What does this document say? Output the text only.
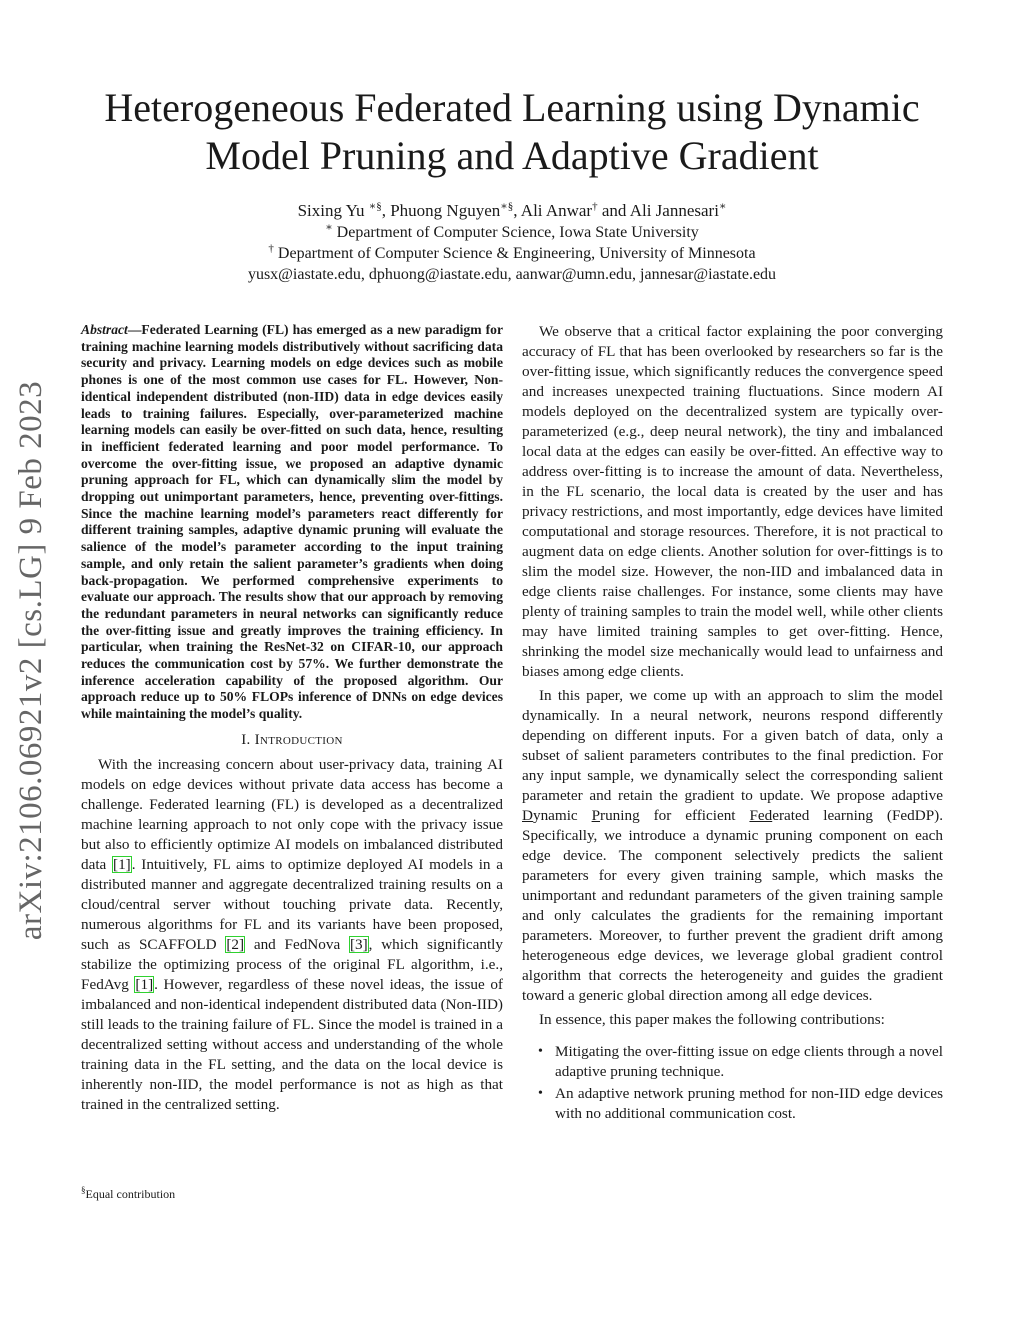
arXiv:2106.06921v2 [cs.LG] 9 Feb 2023
Heterogeneous Federated Learning using Dynamic
Model Pruning and Adaptive Gradient
Sixing Yu ∗§, Phuong Nguyen∗§, Ali Anwar† and Ali Jannesari∗
∗ Department of Computer Science, Iowa State University
† Department of Computer Science & Engineering, University of Minnesota
yusx@iastate.edu, dphuong@iastate.edu, aanwar@umn.edu, jannesar@iastate.edu

Abstract—Federated Learning (FL) has emerged as a new paradigm for training machine learning models distributively without sacrificing data security and privacy. Learning models on edge devices such as mobile phones is one of the most common use cases for FL. However, Non-identical independent distributed (non-IID) data in edge devices easily leads to training failures. Especially, over-parameterized machine learning models can easily be over-fitted on such data, hence, resulting in inefficient federated learning and poor model performance. To overcome the over-fitting issue, we proposed an adaptive dynamic pruning approach for FL, which can dynamically slim the model by dropping out unimportant parameters, hence, preventing over-fittings. Since the machine learning model’s parameters react differently for different training samples, adaptive dynamic pruning will evaluate the salience of the model’s parameter according to the input training sample, and only retain the salient parameter’s gradients when doing back-propagation. We performed comprehensive experiments to evaluate our approach. The results show that our approach by removing the redundant parameters in neural networks can significantly reduce the over-fitting issue and greatly improves the training efficiency. In particular, when training the ResNet-32 on CIFAR-10, our approach reduces the communication cost by 57%. We further demonstrate the inference acceleration capability of the proposed algorithm. Our approach reduce up to 50% FLOPs inference of DNNs on edge devices while maintaining the model’s quality.

I. Introduction

With the increasing concern about user-privacy data, training AI models on edge devices without private data access has become a challenge. Federated learning (FL) is developed as a decentralized machine learning approach to not only cope with the privacy issue but also to efficiently optimize AI models on imbalanced distributed data [1]. Intuitively, FL aims to optimize deployed AI models in a distributed manner and aggregate decentralized training results on a cloud/central server without touching private data. Recently, numerous algorithms for FL and its variants have been proposed, such as SCAFFOLD [2] and FedNova [3], which significantly stabilize the optimizing process of the original FL algorithm, i.e., FedAvg [1]. However, regardless of these novel ideas, the issue of imbalanced and non-identical independent distributed data (Non-IID) still leads to the training failure of FL. Since the model is trained in a decentralized setting without access and understanding of the whole training data in the FL setting, and the data on the local device is inherently non-IID, the model performance is not as high as that trained in the centralized setting.

§Equal contribution

We observe that a critical factor explaining the poor converging accuracy of FL that has been overlooked by researchers so far is the over-fitting issue, which significantly reduces the convergence speed and increases unexpected training fluctuations. Since modern AI models deployed on the decentralized system are typically over-parameterized (e.g., deep neural network), the tiny and imbalanced local data at the edges can easily be over-fitted. An effective way to address over-fitting is to increase the amount of data. Nevertheless, in the FL scenario, the local data is created by the user and has privacy restrictions, and most importantly, edge devices have limited computational and storage resources. Therefore, it is not practical to augment data on edge clients. Another solution for over-fittings is to slim the model size. However, the non-IID and imbalanced data in edge clients raise challenges. For instance, some clients may have plenty of training samples to train the model well, while other clients may have limited training samples to get over-fitting. Hence, shrinking the model size mechanically would lead to unfairness and biases among edge clients.

In this paper, we come up with an approach to slim the model dynamically. In a neural network, neurons respond differently depending on different inputs. For a given batch of data, only a subset of salient parameters contributes to the final prediction. For any input sample, we dynamically select the corresponding salient parameter and retain the gradient to update. We propose adaptive Dynamic Pruning for efficient Federated learning (FedDP). Specifically, we introduce a dynamic pruning component on each edge device. The component selectively predicts the salient parameters for every given training sample, which masks the unimportant and redundant parameters of the given training sample and only calculates the gradients for the remaining important parameters. Moreover, to further prevent the gradient drift among heterogeneous edge devices, we leverage global gradient control algorithm that corrects the heterogeneity and guides the gradient toward a generic global direction among all edge devices.

In essence, this paper makes the following contributions:

• Mitigating the over-fitting issue on edge clients through a novel adaptive pruning technique.
• An adaptive network pruning method for non-IID edge devices with no additional communication cost.
